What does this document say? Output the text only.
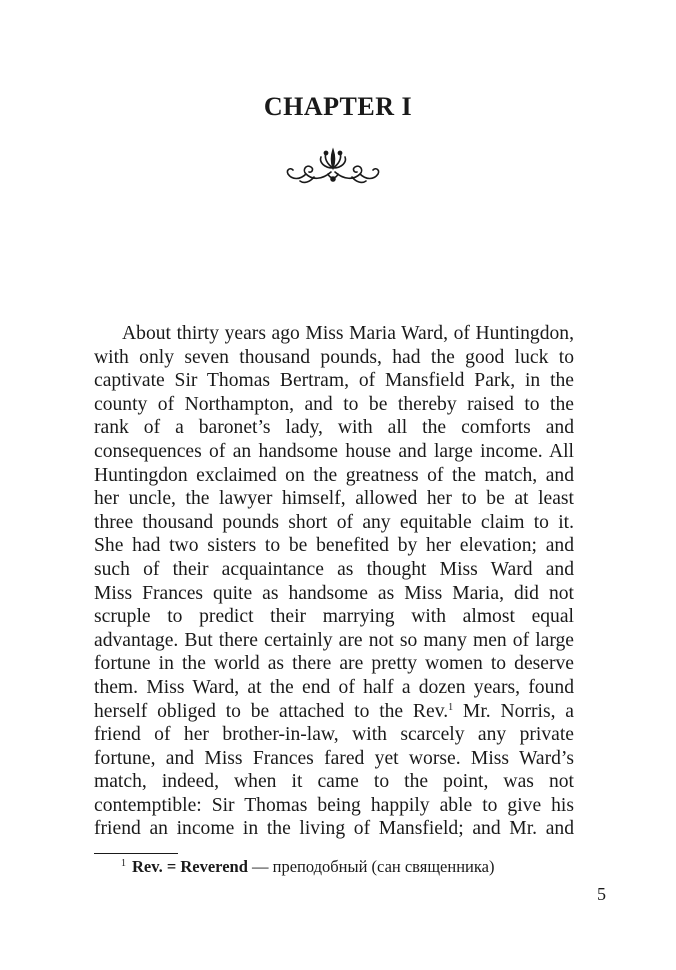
CHAPTER I
About thirty years ago Miss Maria Ward, of Huntingdon,
with only seven thousand pounds, had the good luck to
captivate Sir Thomas Bertram, of Mansfield Park, in the
county of Northampton, and to be thereby raised to the
rank of a baronet’s lady, with all the comforts and
consequences of an handsome house and large income. All
Huntingdon exclaimed on the greatness of the match, and
her uncle, the lawyer himself, allowed her to be at least
three thousand pounds short of any equitable claim to it.
She had two sisters to be benefited by her elevation; and
such of their acquaintance as thought Miss Ward and
Miss Frances quite as handsome as Miss Maria, did not
scruple to predict their marrying with almost equal
advantage. But there certainly are not so many men of large
fortune in the world as there are pretty women to deserve
them. Miss Ward, at the end of half a dozen years, found
herself obliged to be attached to the Rev.$^1$ Mr. Norris, a
friend of her brother-in-law, with scarcely any private
fortune, and Miss Frances fared yet worse. Miss Ward’s
match, indeed, when it came to the point, was not
contemptible: Sir Thomas being happily able to give his
friend an income in the living of Mansfield; and Mr. and
$^1$ Rev. = Reverend — преподобный (сан священника)
5
